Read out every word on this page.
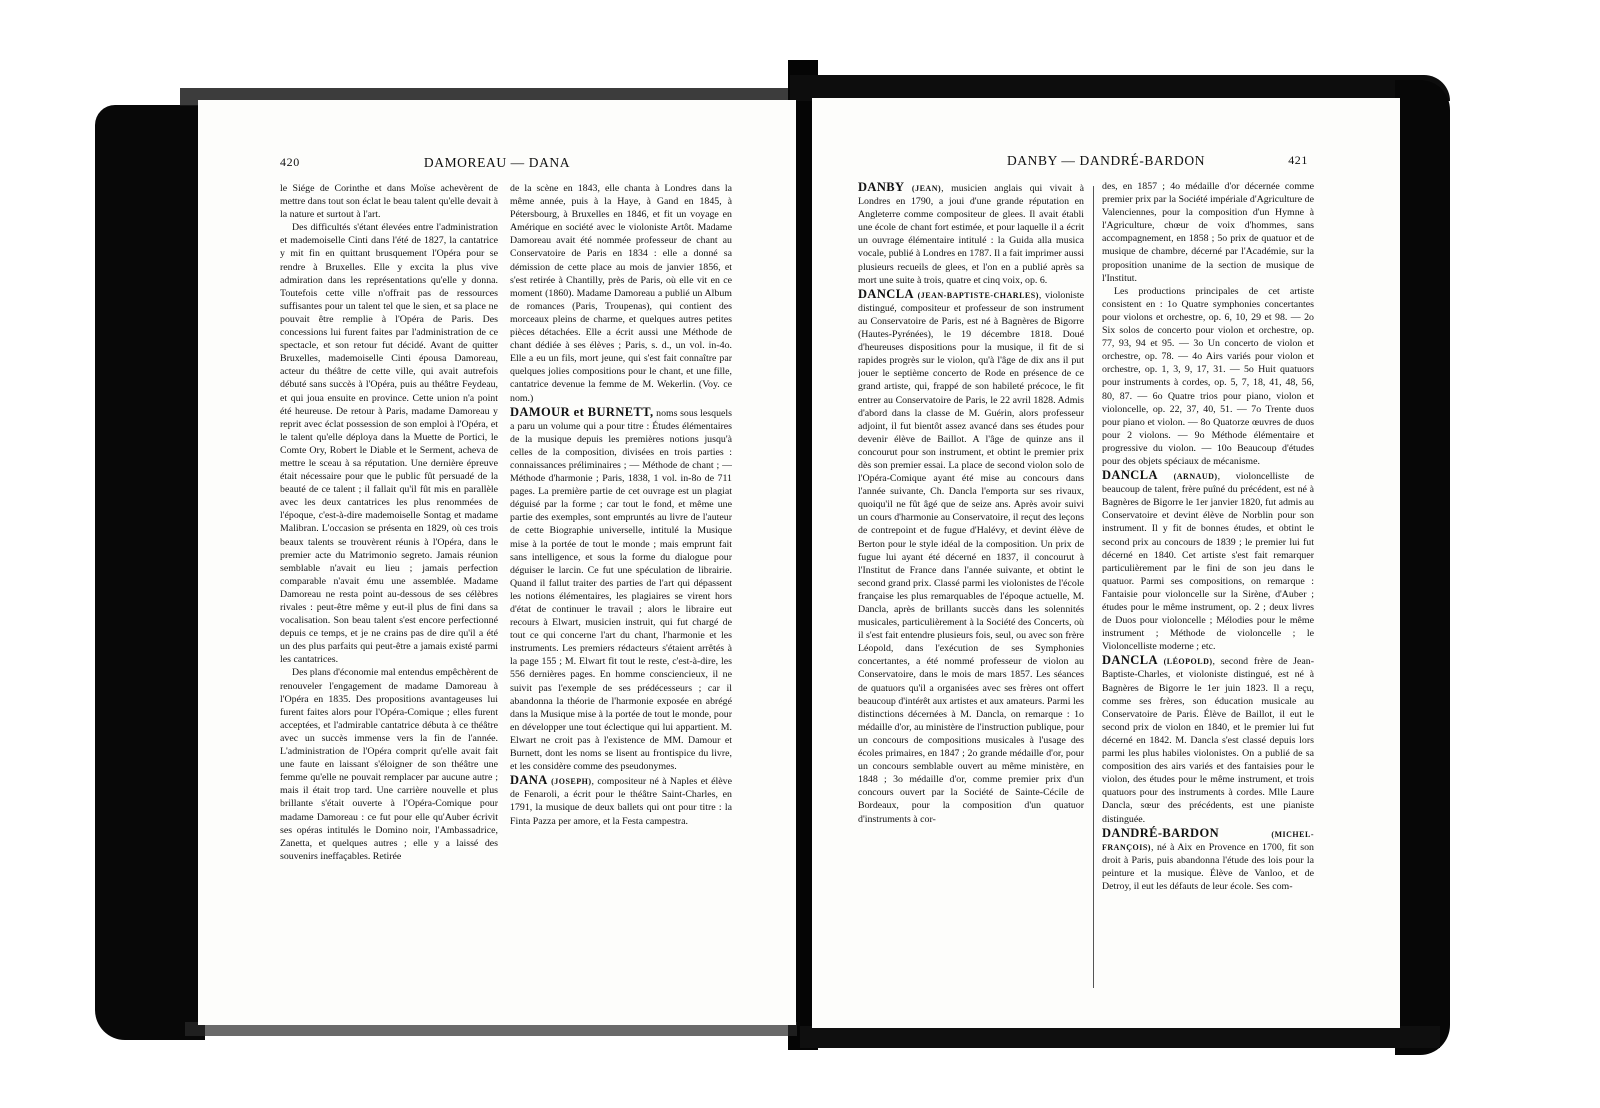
420	DAMOREAU — DANA

le Siége de Corinthe et dans Moïse achevèrent de mettre dans tout son éclat le beau talent qu'elle devait à la nature et surtout à l'art.

Des difficultés s'étant élevées entre l'administration et mademoiselle Cinti dans l'été de 1827, la cantatrice y mit fin en quittant brusquement l'Opéra pour se rendre à Bruxelles. Elle y excita la plus vive admiration dans les représentations qu'elle y donna. Toutefois cette ville n'offrait pas de ressources suffisantes pour un talent tel que le sien, et sa place ne pouvait être remplie à l'Opéra de Paris. Des concessions lui furent faites par l'administration de ce spectacle, et son retour fut décidé. Avant de quitter Bruxelles, mademoiselle Cinti épousa Damoreau, acteur du théâtre de cette ville, qui avait autrefois débuté sans succès à l'Opéra, puis au théâtre Feydeau, et qui joua ensuite en province. Cette union n'a point été heureuse. De retour à Paris, madame Damoreau y reprit avec éclat possession de son emploi à l'Opéra, et le talent qu'elle déploya dans la Muette de Portici, le Comte Ory, Robert le Diable et le Serment, acheva de mettre le sceau à sa réputation. Une dernière épreuve était nécessaire pour que le public fût persuadé de la beauté de ce talent ; il fallait qu'il fût mis en parallèle avec les deux cantatrices les plus renommées de l'époque, c'est-à-dire mademoiselle Sontag et madame Malibran. L'occasion se présenta en 1829, où ces trois beaux talents se trouvèrent réunis à l'Opéra, dans le premier acte du Matrimonio segreto. Jamais réunion semblable n'avait eu lieu ; jamais perfection comparable n'avait ému une assemblée. Madame Damoreau ne resta point au-dessous de ses célèbres rivales : peut-être même y eut-il plus de fini dans sa vocalisation. Son beau talent s'est encore perfectionné depuis ce temps, et je ne crains pas de dire qu'il a été un des plus parfaits qui peut-être a jamais existé parmi les cantatrices.

Des plans d'économie mal entendus empêchèrent de renouveler l'engagement de madame Damoreau à l'Opéra en 1835. Des propositions avantageuses lui furent faites alors pour l'Opéra-Comique ; elles furent acceptées, et l'admirable cantatrice débuta à ce théâtre avec un succès immense vers la fin de l'année. L'administration de l'Opéra comprit qu'elle avait fait une faute en laissant s'éloigner de son théâtre une femme qu'elle ne pouvait remplacer par aucune autre ; mais il était trop tard. Une carrière nouvelle et plus brillante s'était ouverte à l'Opéra-Comique pour madame Damoreau : ce fut pour elle qu'Auber écrivit ses opéras intitulés le Domino noir, l'Ambassadrice, Zanetta, et quelques autres ; elle y a laissé des souvenirs ineffaçables. Retirée

de la scène en 1843, elle chanta à Londres dans la même année, puis à la Haye, à Gand en 1845, à Pétersbourg, à Bruxelles en 1846, et fit un voyage en Amérique en société avec le violoniste Artôt. Madame Damoreau avait été nommée professeur de chant au Conservatoire de Paris en 1834 : elle a donné sa démission de cette place au mois de janvier 1856, et s'est retirée à Chantilly, près de Paris, où elle vit en ce moment (1860). Madame Damoreau a publié un Album de romances (Paris, Troupenas), qui contient des morceaux pleins de charme, et quelques autres petites pièces détachées. Elle a écrit aussi une Méthode de chant dédiée à ses élèves ; Paris, s. d., un vol. in-4o. Elle a eu un fils, mort jeune, qui s'est fait connaître par quelques jolies compositions pour le chant, et une fille, cantatrice devenue la femme de M. Wekerlin. (Voy. ce nom.)

DAMOUR et BURNETT, noms sous lesquels a paru un volume qui a pour titre : Études élémentaires de la musique depuis les premières notions jusqu'à celles de la composition, divisées en trois parties : connaissances préliminaires ; — Méthode de chant ; — Méthode d'harmonie ; Paris, 1838, 1 vol. in-8o de 711 pages. La première partie de cet ouvrage est un plagiat déguisé par la forme ; car tout le fond, et même une partie des exemples, sont empruntés au livre de l'auteur de cette Biographie universelle, intitulé la Musique mise à la portée de tout le monde ; mais emprunt fait sans intelligence, et sous la forme du dialogue pour déguiser le larcin. Ce fut une spéculation de librairie. Quand il fallut traiter des parties de l'art qui dépassent les notions élémentaires, les plagiaires se virent hors d'état de continuer le travail ; alors le libraire eut recours à Elwart, musicien instruit, qui fut chargé de tout ce qui concerne l'art du chant, l'harmonie et les instruments. Les premiers rédacteurs s'étaient arrêtés à la page 155 ; M. Elwart fit tout le reste, c'est-à-dire, les 556 dernières pages. En homme consciencieux, il ne suivit pas l'exemple de ses prédécesseurs ; car il abandonna la théorie de l'harmonie exposée en abrégé dans la Musique mise à la portée de tout le monde, pour en développer une tout éclectique qui lui appartient. M. Elwart ne croit pas à l'existence de MM. Damour et Burnett, dont les noms se lisent au frontispice du livre, et les considère comme des pseudonymes.

DANA (JOSEPH), compositeur né à Naples et élève de Fenaroli, a écrit pour le théâtre Saint-Charles, en 1791, la musique de deux ballets qui ont pour titre : la Finta Pazza per amore, et la Festa campestra.

DANBY — DANDRÉ-BARDON	421

DANBY (JEAN), musicien anglais qui vivait à Londres en 1790, a joui d'une grande réputation en Angleterre comme compositeur de glees. Il avait établi une école de chant fort estimée, et pour laquelle il a écrit un ouvrage élémentaire intitulé : la Guida alla musica vocale, publié à Londres en 1787. Il a fait imprimer aussi plusieurs recueils de glees, et l'on en a publié après sa mort une suite à trois, quatre et cinq voix, op. 6.

DANCLA (JEAN-BAPTISTE-CHARLES), violoniste distingué, compositeur et professeur de son instrument au Conservatoire de Paris, est né à Bagnères de Bigorre (Hautes-Pyrénées), le 19 décembre 1818. Doué d'heureuses dispositions pour la musique, il fit de si rapides progrès sur le violon, qu'à l'âge de dix ans il put jouer le septième concerto de Rode en présence de ce grand artiste, qui, frappé de son habileté précoce, le fit entrer au Conservatoire de Paris, le 22 avril 1828. Admis d'abord dans la classe de M. Guérin, alors professeur adjoint, il fut bientôt assez avancé dans ses études pour devenir élève de Baillot. A l'âge de quinze ans il concourut pour son instrument, et obtint le premier prix dès son premier essai. La place de second violon solo de l'Opéra-Comique ayant été mise au concours dans l'année suivante, Ch. Dancla l'emporta sur ses rivaux, quoiqu'il ne fût âgé que de seize ans. Après avoir suivi un cours d'harmonie au Conservatoire, il reçut des leçons de contrepoint et de fugue d'Halévy, et devint élève de Berton pour le style idéal de la composition. Un prix de fugue lui ayant été décerné en 1837, il concourut à l'Institut de France dans l'année suivante, et obtint le second grand prix. Classé parmi les violonistes de l'école française les plus remarquables de l'époque actuelle, M. Dancla, après de brillants succès dans les solennités musicales, particulièrement à la Société des Concerts, où il s'est fait entendre plusieurs fois, seul, ou avec son frère Léopold, dans l'exécution de ses Symphonies concertantes, a été nommé professeur de violon au Conservatoire, dans le mois de mars 1857. Les séances de quatuors qu'il a organisées avec ses frères ont offert beaucoup d'intérêt aux artistes et aux amateurs. Parmi les distinctions décernées à M. Dancla, on remarque : 1o médaille d'or, au ministère de l'instruction publique, pour un concours de compositions musicales à l'usage des écoles primaires, en 1847 ; 2o grande médaille d'or, pour un concours semblable ouvert au même ministère, en 1848 ; 3o médaille d'or, comme premier prix d'un concours ouvert par la Société de Sainte-Cécile de Bordeaux, pour la composition d'un quatuor d'instruments à cor-

des, en 1857 ; 4o médaille d'or décernée comme premier prix par la Société impériale d'Agriculture de Valenciennes, pour la composition d'un Hymne à l'Agriculture, chœur de voix d'hommes, sans accompagnement, en 1858 ; 5o prix de quatuor et de musique de chambre, décerné par l'Académie, sur la proposition unanime de la section de musique de l'Institut.

Les productions principales de cet artiste consistent en : 1o Quatre symphonies concertantes pour violons et orchestre, op. 6, 10, 29 et 98. — 2o Six solos de concerto pour violon et orchestre, op. 77, 93, 94 et 95. — 3o Un concerto de violon et orchestre, op. 78. — 4o Airs variés pour violon et orchestre, op. 1, 3, 9, 17, 31. — 5o Huit quatuors pour instruments à cordes, op. 5, 7, 18, 41, 48, 56, 80, 87. — 6o Quatre trios pour piano, violon et violoncelle, op. 22, 37, 40, 51. — 7o Trente duos pour piano et violon. — 8o Quatorze œuvres de duos pour 2 violons. — 9o Méthode élémentaire et progressive du violon. — 10o Beaucoup d'études pour des objets spéciaux de mécanisme.

DANCLA (ARNAUD), violoncelliste de beaucoup de talent, frère puîné du précédent, est né à Bagnères de Bigorre le 1er janvier 1820, fut admis au Conservatoire et devint élève de Norblin pour son instrument. Il y fit de bonnes études, et obtint le second prix au concours de 1839 ; le premier lui fut décerné en 1840. Cet artiste s'est fait remarquer particulièrement par le fini de son jeu dans le quatuor. Parmi ses compositions, on remarque : Fantaisie pour violoncelle sur la Sirène, d'Auber ; études pour le même instrument, op. 2 ; deux livres de Duos pour violoncelle ; Mélodies pour le même instrument ; Méthode de violoncelle ; le Violoncelliste moderne ; etc.

DANCLA (LÉOPOLD), second frère de Jean-Baptiste-Charles, et violoniste distingué, est né à Bagnères de Bigorre le 1er juin 1823. Il a reçu, comme ses frères, son éducation musicale au Conservatoire de Paris. Élève de Baillot, il eut le second prix de violon en 1840, et le premier lui fut décerné en 1842. M. Dancla s'est classé depuis lors parmi les plus habiles violonistes. On a publié de sa composition des airs variés et des fantaisies pour le violon, des études pour le même instrument, et trois quatuors pour des instruments à cordes. Mlle Laure Dancla, sœur des précédents, est une pianiste distinguée.

DANDRÉ-BARDON	(MICHEL-FRANÇOIS), né à Aix en Provence en 1700, fit son droit à Paris, puis abandonna l'étude des lois pour la peinture et la musique. Élève de Vanloo, et de Detroy, il eut les défauts de leur école. Ses com-
